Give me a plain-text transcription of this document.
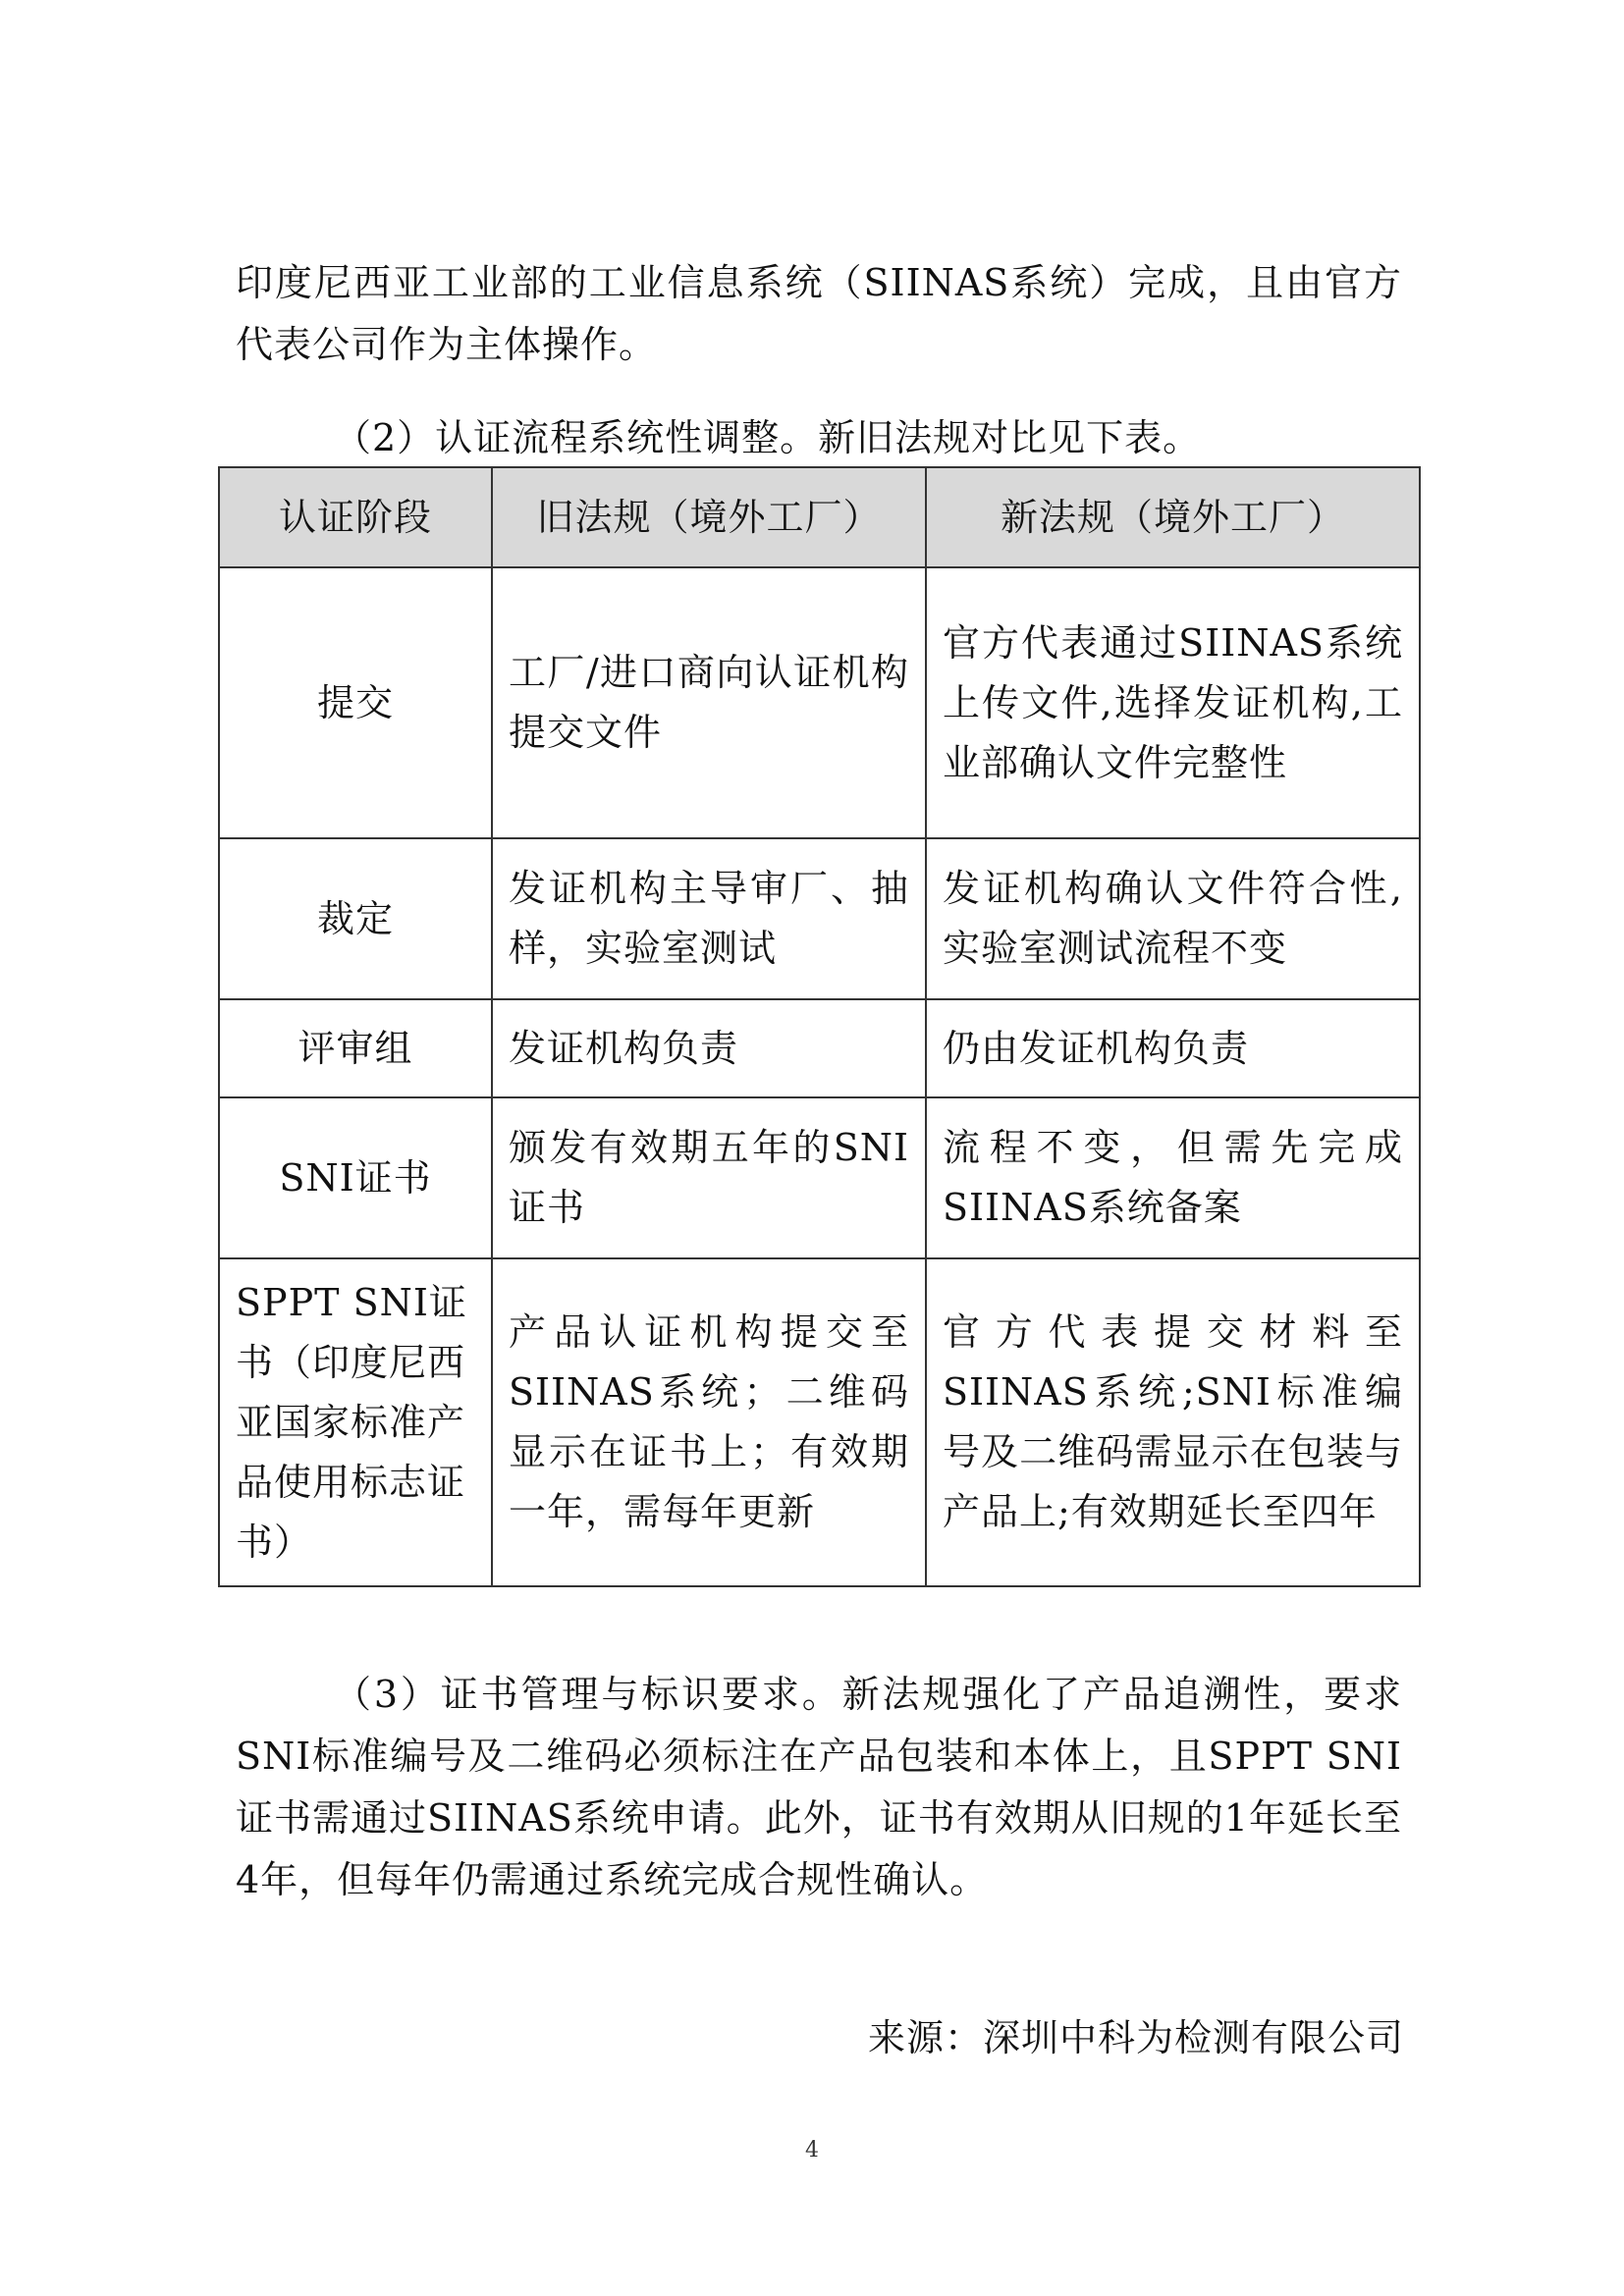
印度尼西亚工业部的工业信息系统（SIINAS系统）完成，且由官方代表公司作为主体操作。

（2）认证流程系统性调整。新旧法规对比见下表。

认证阶段	旧法规（境外工厂）	新法规（境外工厂）
提交	工厂/进口商向认证机构提交文件	官方代表通过SIINAS系统上传文件,选择发证机构,工业部确认文件完整性
裁定	发证机构主导审厂、抽样，实验室测试	发证机构确认文件符合性,实验室测试流程不变
评审组	发证机构负责	仍由发证机构负责
SNI证书	颁发有效期五年的SNI证书	流程不变，但需先完成SIINAS系统备案
SPPT SNI证书（印度尼西亚国家标准产品使用标志证书）	产品认证机构提交至SIINAS系统；二维码显示在证书上；有效期一年，需每年更新	官方代表提交材料至SIINAS系统;SNI标准编号及二维码需显示在包装与产品上;有效期延长至四年

（3）证书管理与标识要求。新法规强化了产品追溯性，要求SNI标准编号及二维码必须标注在产品包装和本体上，且SPPT SNI证书需通过SIINAS系统申请。此外，证书有效期从旧规的1年延长至4年，但每年仍需通过系统完成合规性确认。

来源：深圳中科为检测有限公司
4
